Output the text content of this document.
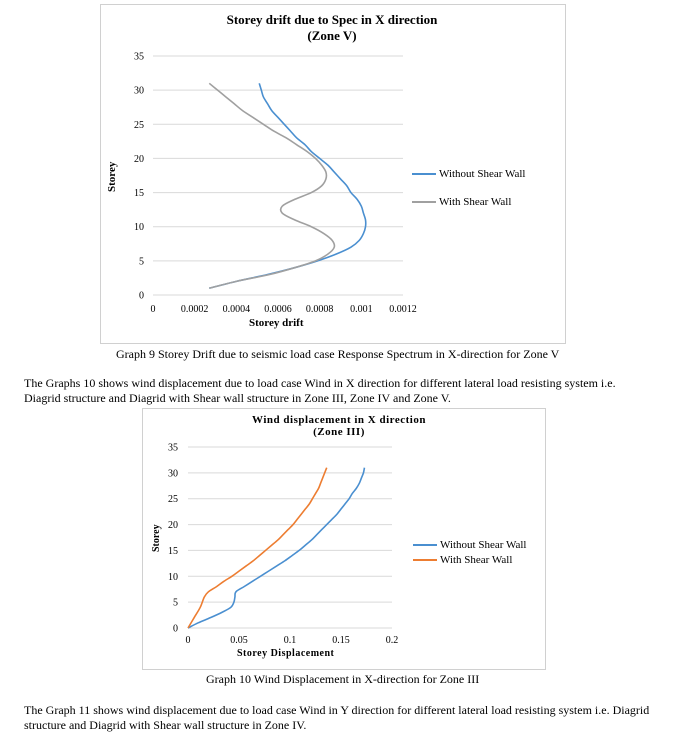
Storey drift due to Spec in X direction
(Zone V)
0
5
10
15
20
25
30
35
0	0.0002 0.0004 0.0006 0.0008 0.001 0.0012
Storey drift
Storey	Without Shear Wall
With Shear Wall
Graph 9 Storey Drift due to seismic load case Response Spectrum in X-direction for Zone V
The Graphs 10 shows wind displacement due to load case Wind in X direction for different lateral load resisting system i.e. Diagrid structure and Diagrid with Shear wall structure in Zone III, Zone IV and Zone V.
Wind displacement in X direction
(Zone III)
0
5
10
15
20
25
30
35
0	0.05	0.1	0.15	0.2
Storey Displacement
Storey	Without Shear Wall
With Shear Wall
Graph 10 Wind Displacement in X-direction for Zone III
The Graph 11 shows wind displacement due to load case Wind in Y direction for different lateral load resisting system i.e. Diagrid structure and Diagrid with Shear wall structure in Zone IV.
